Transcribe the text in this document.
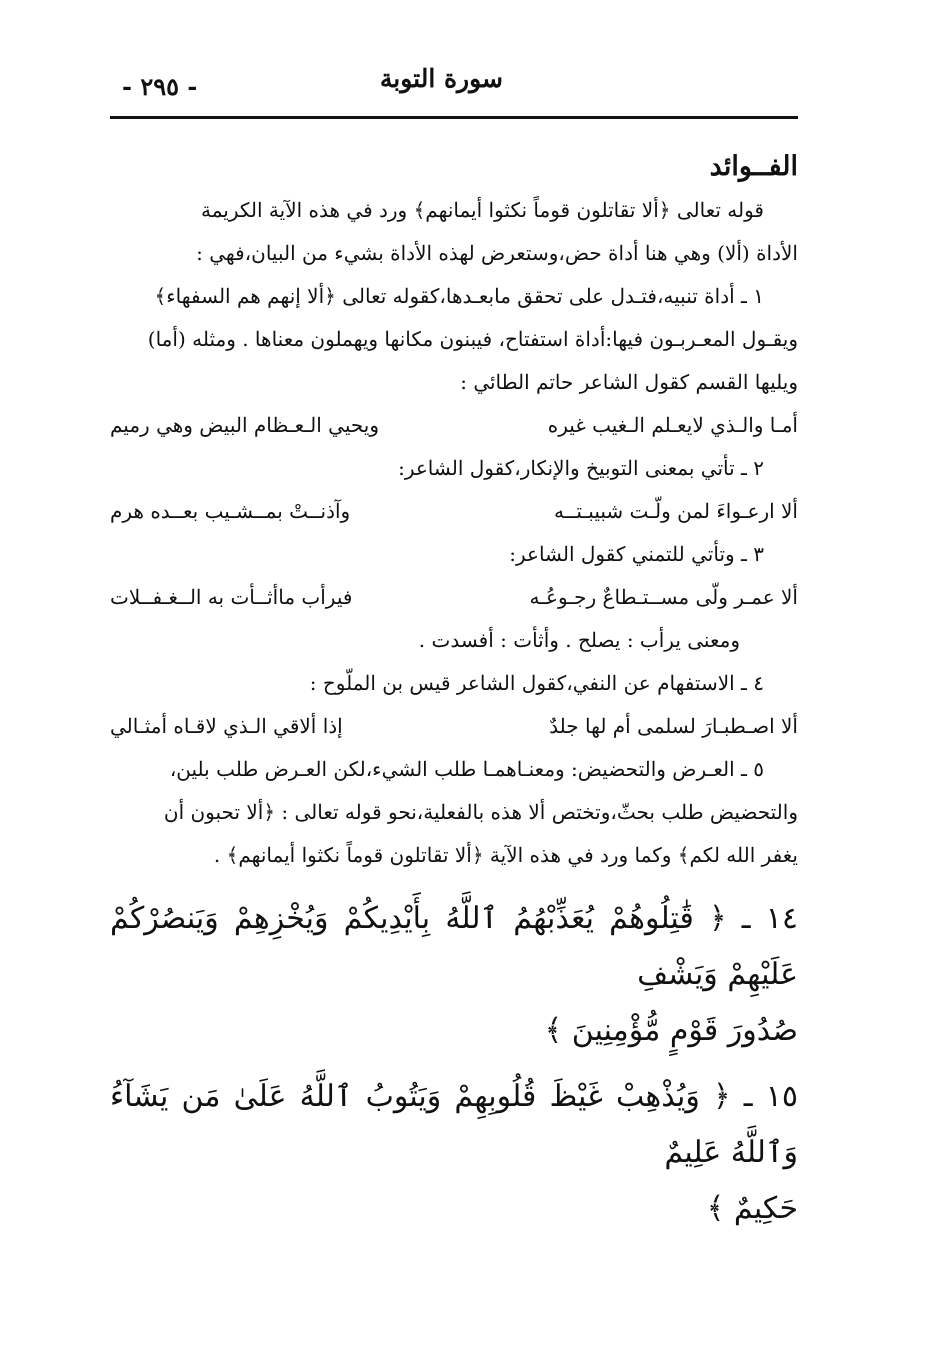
سورة التوبة
- ٢٩٥ -
الفــوائد
قوله تعالى ﴿ألا تقاتلون قوماً نكثوا أيمانهم﴾ ورد في هذه الآية الكريمة
الأداة (ألا) وهي هنا أداة حض،وستعرض لهذه الأداة بشيء من البيان،فهي :
١ ـ أداة تنبيه،فتـدل على تحقق مابعـدها،كقوله تعالى ﴿ألا إنهم هم السفهاء﴾
ويقـول المعـربـون فيها:أداة استفتاح، فيبنون مكانها ويهملون معناها . ومثله (أما)
ويليها القسم كقول الشاعر حاتم الطائي :
أمـا والـذي لايعـلم الـغيب غيره
ويحيي الـعـظام البيض وهي رميم
٢ ـ تأتي بمعنى التوبيخ والإنكار،كقول الشاعر:
ألا ارعـواءَ لمن ولّـت شبيبـتــه
وآذنــتْ بمــشـيب بعــده هرم
٣ ـ وتأتي للتمني كقول الشاعر:
ألا عمـر ولّى مســتـطاعٌ رجـوعُـه
فيرأب ماأثــأت به الــغـفــلات
ومعنى يرأب : يصلح . وأثأت : أفسدت .
٤ ـ الاستفهام عن النفي،كقول الشاعر قيس بن الملّوح :
ألا اصـطبـارَ لسلمى أم لها جلدٌ
إذا ألاقي الـذي لاقـاه أمثـالي
٥ ـ العـرض والتحضيض: ومعنـاهمـا طلب الشيء،لكن العـرض طلب بلين،
والتحضيض طلب بحثّ،وتختص ألا هذه بالفعلية،نحو قوله تعالى : ﴿ألا تحبون أن
يغفر الله لكم﴾ وكما ورد في هذه الآية ﴿ألا تقاتلون قوماً نكثوا أيمانهم﴾ .
١٤ ـ ﴿ قَٰتِلُوهُمْ يُعَذِّبْهُمُ ٱللَّهُ بِأَيْدِيكُمْ وَيُخْزِهِمْ وَيَنصُرْكُمْ عَلَيْهِمْ وَيَشْفِ
صُدُورَ قَوْمٍ مُّؤْمِنِينَ ﴾
١٥ ـ ﴿ وَيُذْهِبْ غَيْظَ قُلُوبِهِمْ وَيَتُوبُ ٱللَّهُ عَلَىٰ مَن يَشَآءُ وَٱللَّهُ عَلِيمٌ
حَكِيمٌ ﴾
